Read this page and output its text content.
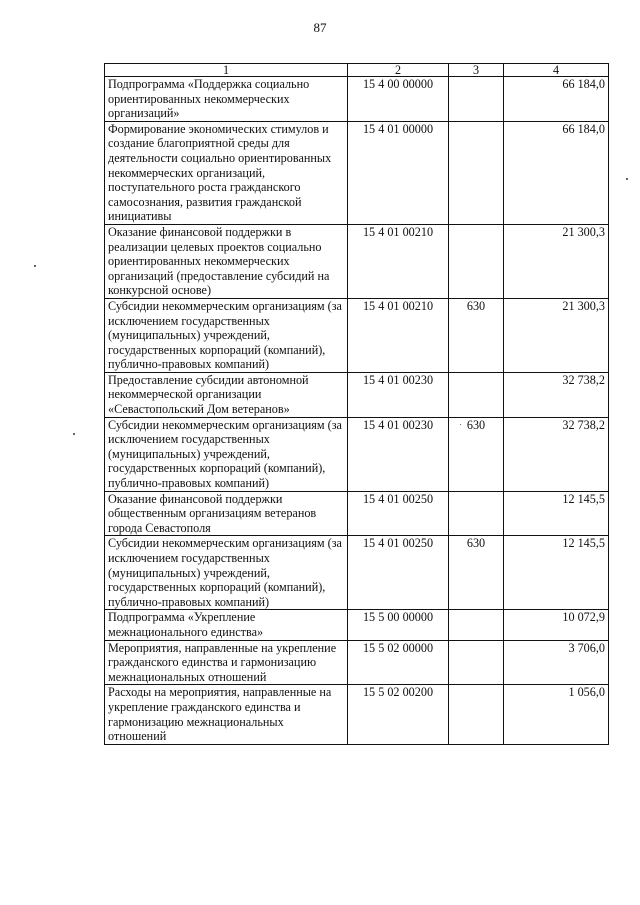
87
1	2	3	4
Подпрограмма «Поддержка социально ориентированных некоммерческих организаций»	15 4 00 00000		66 184,0
Формирование экономических стимулов и создание благоприятной среды для деятельности социально ориентированных некоммерческих организаций, поступательного роста гражданского самосознания, развития гражданской инициативы	15 4 01 00000		66 184,0
Оказание финансовой поддержки в реализации целевых проектов социально ориентированных некоммерческих организаций (предоставление субсидий на конкурсной основе)	15 4 01 00210		21 300,3
Субсидии некоммерческим организациям (за исключением государственных (муниципальных) учреждений, государственных корпораций (компаний), публично-правовых компаний)	15 4 01 00210	630	21 300,3
Предоставление субсидии автономной некоммерческой организации «Севастопольский Дом ветеранов»	15 4 01 00230		32 738,2
Субсидии некоммерческим организациям (за исключением государственных (муниципальных) учреждений, государственных корпораций (компаний), публично-правовых компаний)	15 4 01 00230	630	32 738,2
Оказание финансовой поддержки общественным организациям ветеранов города Севастополя	15 4 01 00250		12 145,5
Субсидии некоммерческим организациям (за исключением государственных (муниципальных) учреждений, государственных корпораций (компаний), публично-правовых компаний)	15 4 01 00250	630	12 145,5
Подпрограмма «Укрепление межнационального единства»	15 5 00 00000		10 072,9
Мероприятия, направленные на укрепление гражданского единства и гармонизацию межнациональных отношений	15 5 02 00000		3 706,0
Расходы на мероприятия, направленные на укрепление гражданского единства и гармонизацию межнациональных отношений	15 5 02 00200		1 056,0
